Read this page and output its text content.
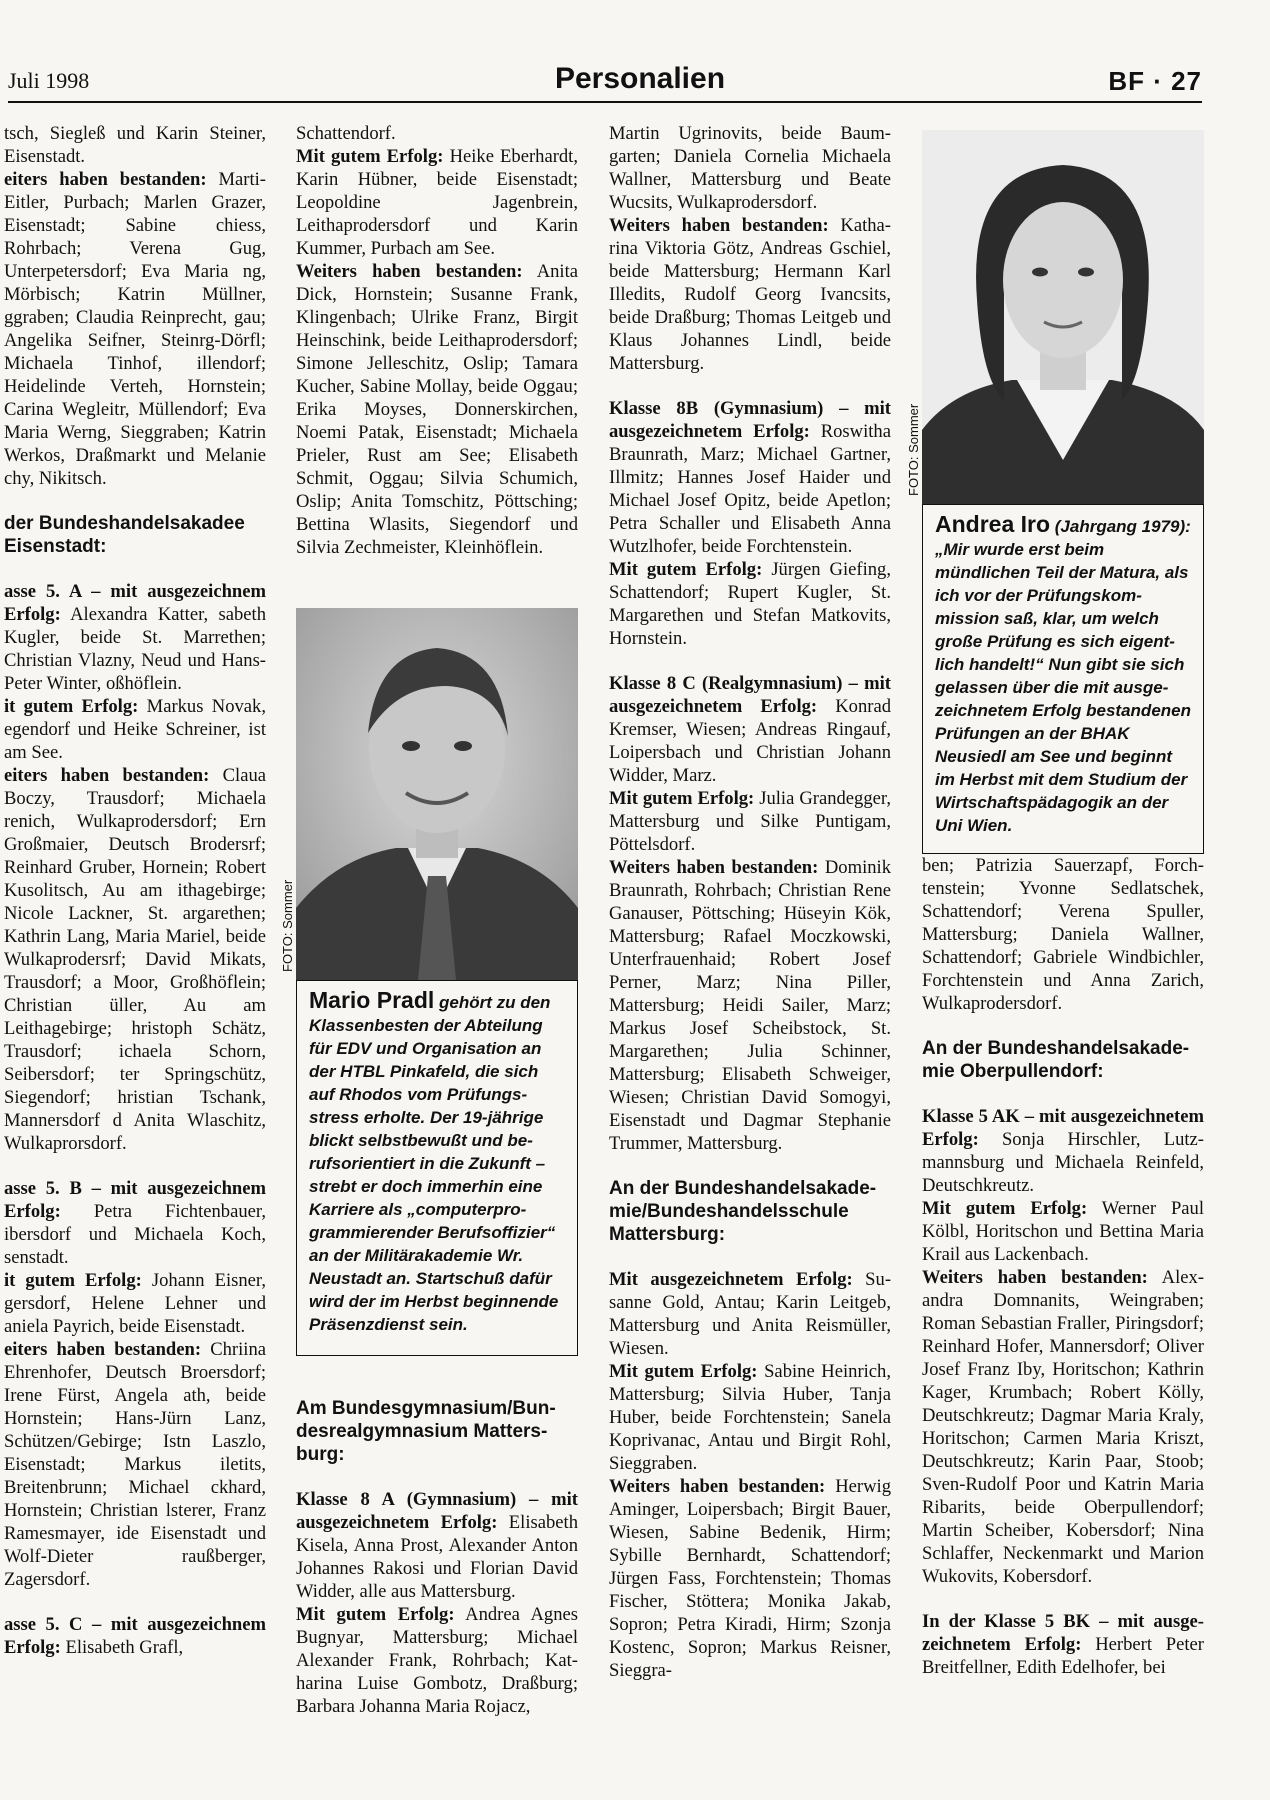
Juli 1998	Personalien	BF · 27

tsch, Siegleß und Karin Steiner, Eisenstadt.

eiters haben bestanden: Marti Eitler, Purbach; Marlen Grazer, Eisenstadt; Sabine chiess, Rohrbach; Verena Gug, Unterpetersdorf; Eva Maria ng, Mörbisch; Katrin Müllner, ggraben; Claudia Reinprecht, gau; Angelika Seifner, Steinrg-Dörfl; Michaela Tinhof, illendorf; Heidelinde Verteh, Hornstein; Carina Wegleitr, Müllendorf; Eva Maria Werng, Sieggraben; Katrin Werkos, Draßmarkt und Melanie chy, Nikitsch.

der Bundeshandelsakadee Eisenstadt:

asse 5. A – mit ausgezeichnem Erfolg: Alexandra Katter, sabeth Kugler, beide St. Marrethen; Christian Vlazny, Neud und Hans-Peter Winter, oßhöflein.

it gutem Erfolg: Markus Novak, egendorf und Heike Schreiner, ist am See.

eiters haben bestanden: Claua Boczy, Trausdorf; Michaela renich, Wulkaprodersdorf; Ern Großmaier, Deutsch Brodersrf; Reinhard Gruber, Hornein; Robert Kusolitsch, Au am ithagebirge; Nicole Lackner, St. argarethen; Kathrin Lang, Maria Mariel, beide Wulkaprodersrf; David Mikats, Trausdorf; a Moor, Großhöflein; Christian üller, Au am Leithagebirge; hristoph Schätz, Trausdorf; ichaela Schorn, Seibersdorf; ter Springschütz, Siegendorf; hristian Tschank, Mannersdorf d Anita Wlaschitz, Wulkaprorsdorf.

asse 5. B – mit ausgezeichnem Erfolg: Petra Fichtenbauer, ibersdorf und Michaela Koch, senstadt.

it gutem Erfolg: Johann Eisner, gersdorf, Helene Lehner und aniela Payrich, beide Eisenstadt.

eiters haben bestanden: Chriina Ehrenhofer, Deutsch Broersdorf; Irene Fürst, Angela ath, beide Hornstein; Hans-Jürn Lanz, Schützen/Gebirge; Istn Laszlo, Eisenstadt; Markus iletits, Breitenbrunn; Michael ckhard, Hornstein; Christian lsterer, Franz Ramesmayer, ide Eisenstadt und Wolf-Dieter raußberger, Zagersdorf.

asse 5. C – mit ausgezeichnem Erfolg: Elisabeth Grafl,

Schattendorf.

Mit gutem Erfolg: Heike Eberhardt, Karin Hübner, beide Eisenstadt; Leopoldine Jagenbrein, Leithaprodersdorf und Karin Kummer, Purbach am See.

Weiters haben bestanden: Anita Dick, Hornstein; Susanne Frank, Klingenbach; Ulrike Franz, Birgit Heinschink, beide Leithaprodersdorf; Simone Jelleschitz, Oslip; Tamara Kucher, Sabine Mollay, beide Oggau; Erika Moyses, Donnerskirchen, Noemi Patak, Eisenstadt; Michaela Prieler, Rust am See; Elisabeth Schmit, Oggau; Silvia Schumich, Oslip; Anita Tomschitz, Pöttsching; Bettina Wlasits, Siegendorf und Silvia Zechmeister, Kleinhöflein.

Am Bundesgymnasium/Bundesrealgymnasium Mattersburg:

Klasse 8 A (Gymnasium) – mit ausgezeichnetem Erfolg: Elisabeth Kisela, Anna Prost, Alexander Anton Johannes Rakosi und Florian David Widder, alle aus Mattersburg.

Mit gutem Erfolg: Andrea Agnes Bugnyar, Mattersburg; Michael Alexander Frank, Rohrbach; Katharina Luise Gombotz, Draßburg; Barbara Johanna Maria Rojacz,

Martin Ugrinovits, beide Baumgarten; Daniela Cornelia Michaela Wallner, Mattersburg und Beate Wucsits, Wulkaprodersdorf.

Weiters haben bestanden: Katharina Viktoria Götz, Andreas Gschiel, beide Mattersburg; Hermann Karl Illedits, Rudolf Georg Ivancsits, beide Draßburg; Thomas Leitgeb und Klaus Johannes Lindl, beide Mattersburg.

Klasse 8B (Gymnasium) – mit ausgezeichnetem Erfolg: Roswitha Braunrath, Marz; Michael Gartner, Illmitz; Hannes Josef Haider und Michael Josef Opitz, beide Apetlon; Petra Schaller und Elisabeth Anna Wutzlhofer, beide Forchtenstein.

Mit gutem Erfolg: Jürgen Giefing, Schattendorf; Rupert Kugler, St. Margarethen und Stefan Matkovits, Hornstein.

Klasse 8 C (Realgymnasium) – mit ausgezeichnetem Erfolg: Konrad Kremser, Wiesen; Andreas Ringauf, Loipersbach und Christian Johann Widder, Marz.

Mit gutem Erfolg: Julia Grandegger, Mattersburg und Silke Puntigam, Pöttelsdorf.

Weiters haben bestanden: Dominik Braunrath, Rohrbach; Christian Rene Ganauser, Pöttsching; Hüseyin Kök, Mattersburg; Rafael Moczkowski, Unterfrauenhaid; Robert Josef Perner, Marz; Nina Piller, Mattersburg; Heidi Sailer, Marz; Markus Josef Scheibstock, St. Margarethen; Julia Schinner, Mattersburg; Elisabeth Schweiger, Wiesen; Christian David Somogyi, Eisenstadt und Dagmar Stephanie Trummer, Mattersburg.

An der Bundeshandelsakademie/Bundeshandelsschule Mattersburg:

Mit ausgezeichnetem Erfolg: Susanne Gold, Antau; Karin Leitgeb, Mattersburg und Anita Reismüller, Wiesen.

Mit gutem Erfolg: Sabine Heinrich, Mattersburg; Silvia Huber, Tanja Huber, beide Forchtenstein; Sanela Koprivanac, Antau und Birgit Rohl, Sieggraben.

Weiters haben bestanden: Herwig Aminger, Loipersbach; Birgit Bauer, Wiesen, Sabine Bedenik, Hirm; Sybille Bernhardt, Schattendorf; Jürgen Fass, Forchtenstein; Thomas Fischer, Stöttera; Monika Jakab, Sopron; Petra Kiradi, Hirm; Szonja Kostenc, Sopron; Markus Reisner, Sieggra-

ben; Patrizia Sauerzapf, Forchtenstein; Yvonne Sedlatschek, Schattendorf; Verena Spuller, Mattersburg; Daniela Wallner, Schattendorf; Gabriele Windbichler, Forchtenstein und Anna Zarich, Wulkaprodersdorf.

An der Bundeshandelsakademie Oberpullendorf:

Klasse 5 AK – mit ausgezeichnetem Erfolg: Sonja Hirschler, Lutzmannsburg und Michaela Reinfeld, Deutschkreutz.

Mit gutem Erfolg: Werner Paul Kölbl, Horitschon und Bettina Maria Krail aus Lackenbach.

Weiters haben bestanden: Alexandra Domnanits, Weingraben; Roman Sebastian Fraller, Piringsdorf; Reinhard Hofer, Mannersdorf; Oliver Josef Franz Iby, Horitschon; Kathrin Kager, Krumbach; Robert Kölly, Deutschkreutz; Dagmar Maria Kraly, Horitschon; Carmen Maria Kriszt, Deutschkreutz; Karin Paar, Stoob; Sven-Rudolf Poor und Katrin Maria Ribarits, beide Oberpullendorf; Martin Scheiber, Kobersdorf; Nina Schlaffer, Neckenmarkt und Marion Wukovits, Kobersdorf.

In der Klasse 5 BK – mit ausgezeichnetem Erfolg: Herbert Peter Breitfellner, Edith Edelhofer, bei

FOTO: Sommer
Mario Pradl gehört zu den Klassenbesten der Abteilung für EDV und Organisation an der HTBL Pinkafeld, die sich auf Rhodos vom Prüfungsstress erholte. Der 19-jährige blickt selbstbewußt und berufsorientiert in die Zukunft – strebt er doch immerhin eine Karriere als „computerprogrammierender Berufsoffizier“ an der Militärakademie Wr. Neustadt an. Startschuß dafür wird der im Herbst beginnende Präsenzdienst sein.
FOTO: Sommer
Andrea Iro (Jahrgang 1979): „Mir wurde erst beim mündlichen Teil der Matura, als ich vor der Prüfungskommission saß, klar, um welch große Prüfung es sich eigentlich handelt!“ Nun gibt sie sich gelassen über die mit ausgezeichnetem Erfolg bestandenen Prüfungen an der BHAK Neusiedl am See und beginnt im Herbst mit dem Studium der Wirtschaftspädagogik an der Uni Wien.
